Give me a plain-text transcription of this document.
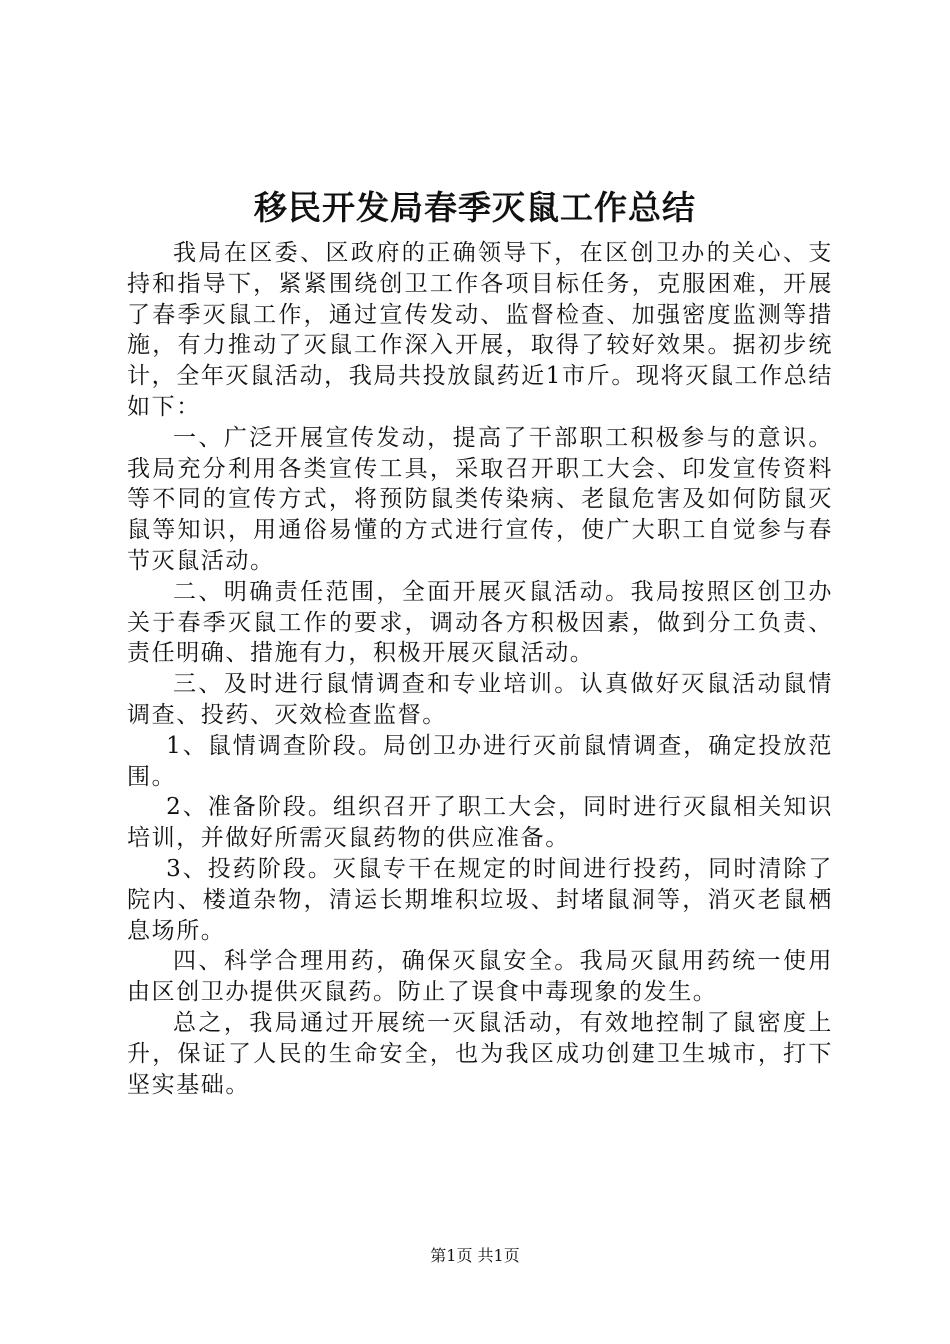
移民开发局春季灭鼠工作总结

我局在区委、区政府的正确领导下，在区创卫办的关心、支持和指导下，紧紧围绕创卫工作各项目标任务，克服困难，开展了春季灭鼠工作，通过宣传发动、监督检查、加强密度监测等措施，有力推动了灭鼠工作深入开展，取得了较好效果。据初步统计，全年灭鼠活动，我局共投放鼠药近1市斤。现将灭鼠工作总结如下：

一、广泛开展宣传发动，提高了干部职工积极参与的意识。我局充分利用各类宣传工具，采取召开职工大会、印发宣传资料等不同的宣传方式，将预防鼠类传染病、老鼠危害及如何防鼠灭鼠等知识，用通俗易懂的方式进行宣传，使广大职工自觉参与春节灭鼠活动。

二、明确责任范围，全面开展灭鼠活动。我局按照区创卫办关于春季灭鼠工作的要求，调动各方积极因素，做到分工负责、责任明确、措施有力，积极开展灭鼠活动。

三、及时进行鼠情调查和专业培训。认真做好灭鼠活动鼠情调查、投药、灭效检查监督。

1、鼠情调查阶段。局创卫办进行灭前鼠情调查，确定投放范围。

2、准备阶段。组织召开了职工大会，同时进行灭鼠相关知识培训，并做好所需灭鼠药物的供应准备。

3、投药阶段。灭鼠专干在规定的时间进行投药，同时清除了院内、楼道杂物，清运长期堆积垃圾、封堵鼠洞等，消灭老鼠栖息场所。

四、科学合理用药，确保灭鼠安全。我局灭鼠用药统一使用由区创卫办提供灭鼠药。防止了误食中毒现象的发生。

总之，我局通过开展统一灭鼠活动，有效地控制了鼠密度上升，保证了人民的生命安全，也为我区成功创建卫生城市，打下坚实基础。

第1页 共1页
